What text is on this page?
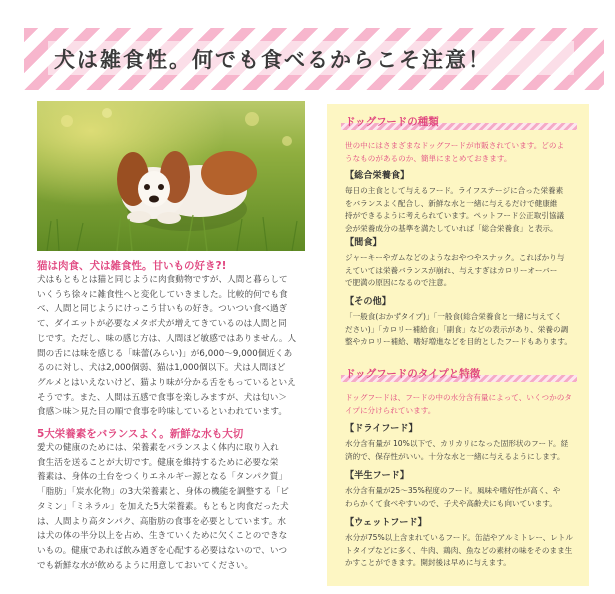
犬は雑食性。何でも食べるからこそ注意！
猫は肉食、犬は雑食性。甘いもの好き?!

犬はもともとは猫と同じように肉食動物ですが、人間と暮らして
いくうち徐々に雑食性へと変化していきました。比較的何でも食
べ、人間と同じようにけっこう甘いもの好き。ついつい食べ過ぎ
て、ダイエットが必要なメタボ犬が増えてきているのは人間と同
じです。ただし、味の感じ方は、人間ほど敏感ではありません。人
間の舌には味を感じる「味蕾(みらい)」が6,000〜9,000個近くあ
るのに対し、犬は2,000個弱、猫は1,000個以下。犬は人間ほど
グルメとはいえないけど、猫より味が分かる舌をもっているといえ
そうです。また、人間は五感で食事を楽しみますが、犬は匂い＞
食感＞味＞見た目の順で食事を吟味しているといわれています。

5大栄養素をバランスよく。新鮮な水も大切

愛犬の健康のためには、栄養素をバランスよく体内に取り入れ
食生活を送ることが大切です。健康を維持するために必要な栄
養素は、身体の土台をつくりエネルギー源となる「タンパク質」
「脂肪」「炭水化物」の3大栄養素と、身体の機能を調整する「ビ
タミン」「ミネラル」を加えた5大栄養素。もともと肉食だった犬
は、人間より高タンパク、高脂肪の食事を必要としています。水
は犬の体の半分以上を占め、生きていくために欠くことのできな
いもの。健康であれば飲み過ぎを心配する必要はないので、いつ
でも新鮮な水が飲めるように用意しておいてください。

ドッグフードの種類

世の中にはさまざまなドッグフードが市販されています。どのよ
うなものがあるのか、簡単にまとめておきます。

【総合栄養食】

毎日の主食として与えるフード。ライフステージに合った栄養素
をバランスよく配合し、新鮮な水と一緒に与えるだけで健康維
持ができるように考えられています。ペットフード公正取引協議
会が栄養成分の基準を満たしていれば「総合栄養食」と表示。

【間食】

ジャーキーやガムなどのようなおやつやスナック。こればかり与
えていては栄養バランスが崩れ、与えすぎはカロリーオーバー
で肥満の原因になるので注意。

【その他】

「一般食(おかずタイプ)」「一般食(総合栄養食と一緒に与えてく
ださい)」「カロリー補給食」「副食」などの表示があり、栄養の調
整やカロリー補給、嗜好増進などを目的としたフードもあります。

ドッグフードのタイプと特徴

ドッグフードは、フードの中の水分含有量によって、いくつかのタ
イプに分けられています。

【ドライフード】

水分含有量が 10%以下で、カリカリになった固形状のフード。経
済的で、保存性がいい。十分な水と一緒に与えるようにします。

【半生フード】

水分含有量が25〜35%程度のフード。風味や嗜好性が高く、や
わらかくて食べやすいので、子犬や高齢犬にも向いています。

【ウェットフード】

水分が75%以上含まれているフード。缶詰やアルミトレー、レトル
トタイプなどに多く、牛肉、鶏肉、魚などの素材の味をそのまま生
かすことができます。開封後は早めに与えます。
